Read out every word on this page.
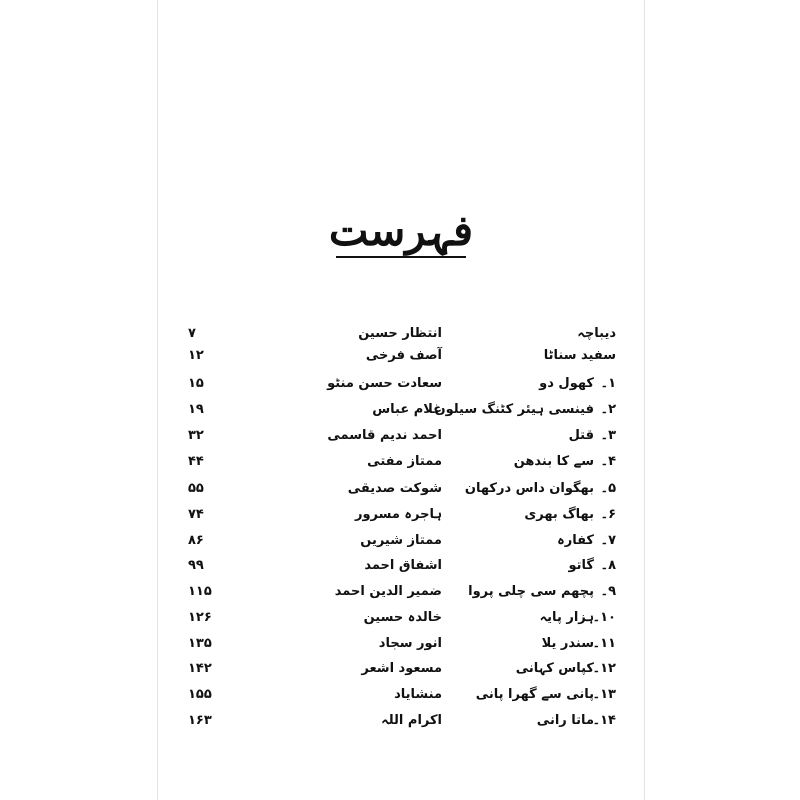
فہرست
دیباچہ
انتظار حسین
۷
سفید سناٹا
آصف فرخی
۱۲
۱۔
کھول دو
سعادت حسن منٹو
۱۵
۲۔
فینسی ہیئر کٹنگ سیلون
غلام عباس
۱۹
۳۔
قتل
احمد ندیم قاسمی
۳۲
۴۔
سے کا بندھن
ممتاز مفتی
۴۴
۵۔
بھگوان داس درکھان
شوکت صدیقی
۵۵
۶۔
بھاگ بھری
ہاجرہ مسرور
۷۴
۷۔
کفارہ
ممتاز شیریں
۸۶
۸۔
گاتو
اشفاق احمد
۹۹
۹۔
پچھم سی چلی پروا
ضمیر الدین احمد
۱۱۵
۱۰۔
ہزار پایہ
خالدہ حسین
۱۲۶
۱۱۔
سندر یلا
انور سجاد
۱۳۵
۱۲۔
کپاس کہانی
مسعود اشعر
۱۴۲
۱۳۔
پانی سے گھرا پانی
منشایاد
۱۵۵
۱۴۔
ماتا رانی
اکرام اللہ
۱۶۳
